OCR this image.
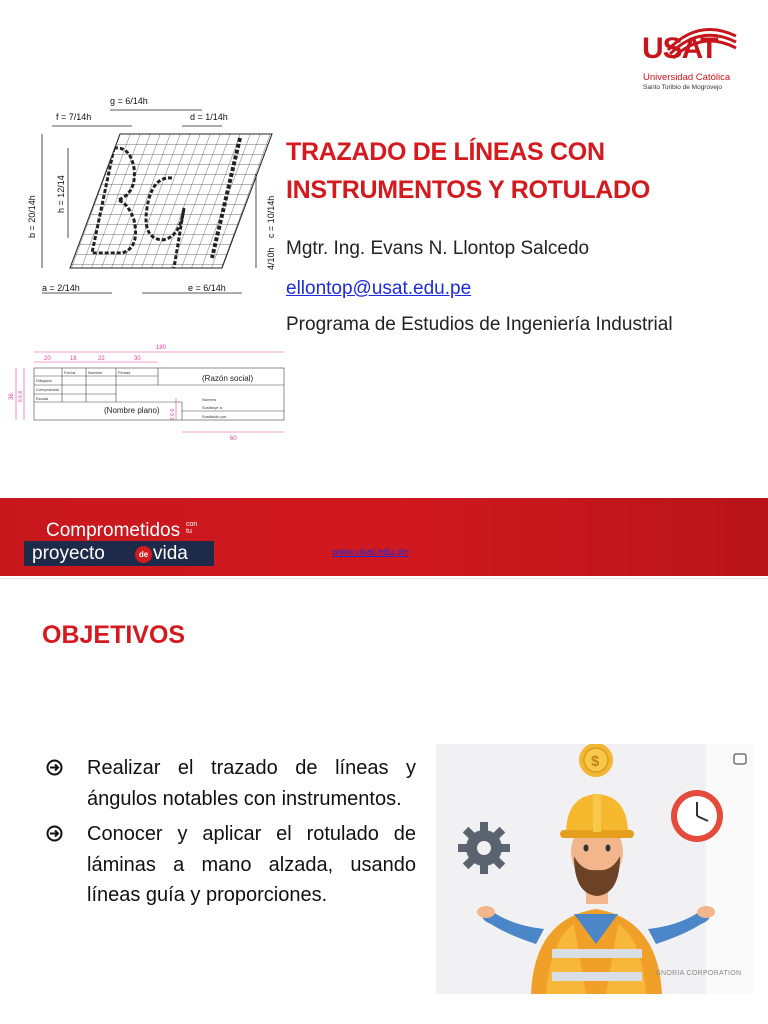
USAT
Universidad Católica
Santo Toribio de Mogrovejo
g = 6/14h
f = 7/14h	d = 1/14h
b = 20/14h
h = 12/14
c = 10/14h
4/10h
a = 2/14h	e = 6/14h
180
20	18	22	30
36 6 6 6
6 6 6
60
Fecha	Nombre	Firmas
Dibujado
Comprobado
Escala
(Razón social)
(Nombre plano)
Número
Sustituye a
Sustituido por
TRAZADO DE LÍNEAS CON
INSTRUMENTOS Y ROTULADO
Mgtr. Ing. Evans N. Llontop Salcedo
ellontop@usat.edu.pe
Programa de Estudios de Ingeniería Industrial
Comprometidos con
tu
proyecto	de vida	www.usat.edu.pe
OBJETIVOS
Realizar el trazado de líneas y ángulos notables con instrumentos.
Conocer y aplicar el rotulado de láminas a mano alzada, usando líneas guía y proporciones.
$
SNORIA CORPORATION
